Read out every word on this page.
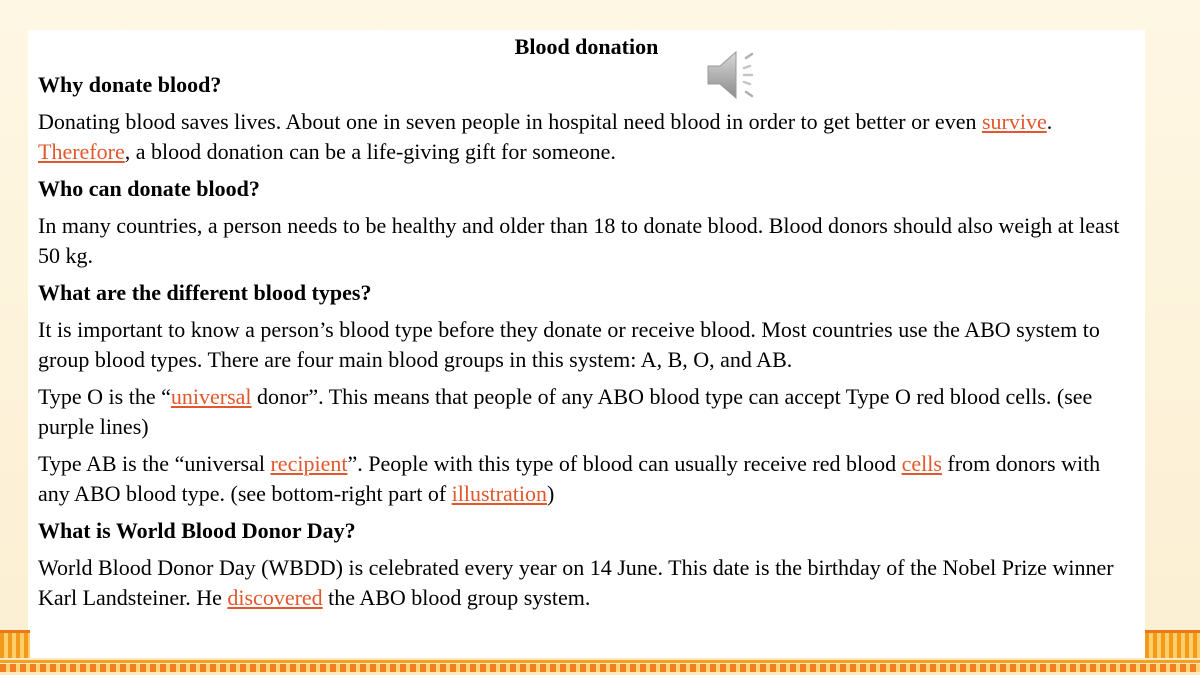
Blood donation
Why donate blood?
Donating blood saves lives. About one in seven people in hospital need blood in order to get better or even survive. Therefore, a blood donation can be a life-giving gift for someone.
Who can donate blood?
In many countries, a person needs to be healthy and older than 18 to donate blood. Blood donors should also weigh at least 50 kg.
What are the different blood types?
It is important to know a person’s blood type before they donate or receive blood. Most countries use the ABO system to group blood types. There are four main blood groups in this system: A, B, O, and AB.
Type O is the “universal donor”. This means that people of any ABO blood type can accept Type O red blood cells. (see purple lines)
Type AB is the “universal recipient”. People with this type of blood can usually receive red blood cells from donors with any ABO blood type. (see bottom-right part of illustration)
What is World Blood Donor Day?
World Blood Donor Day (WBDD) is celebrated every year on 14 June. This date is the birthday of the Nobel Prize winner Karl Landsteiner. He discovered the ABO blood group system.
